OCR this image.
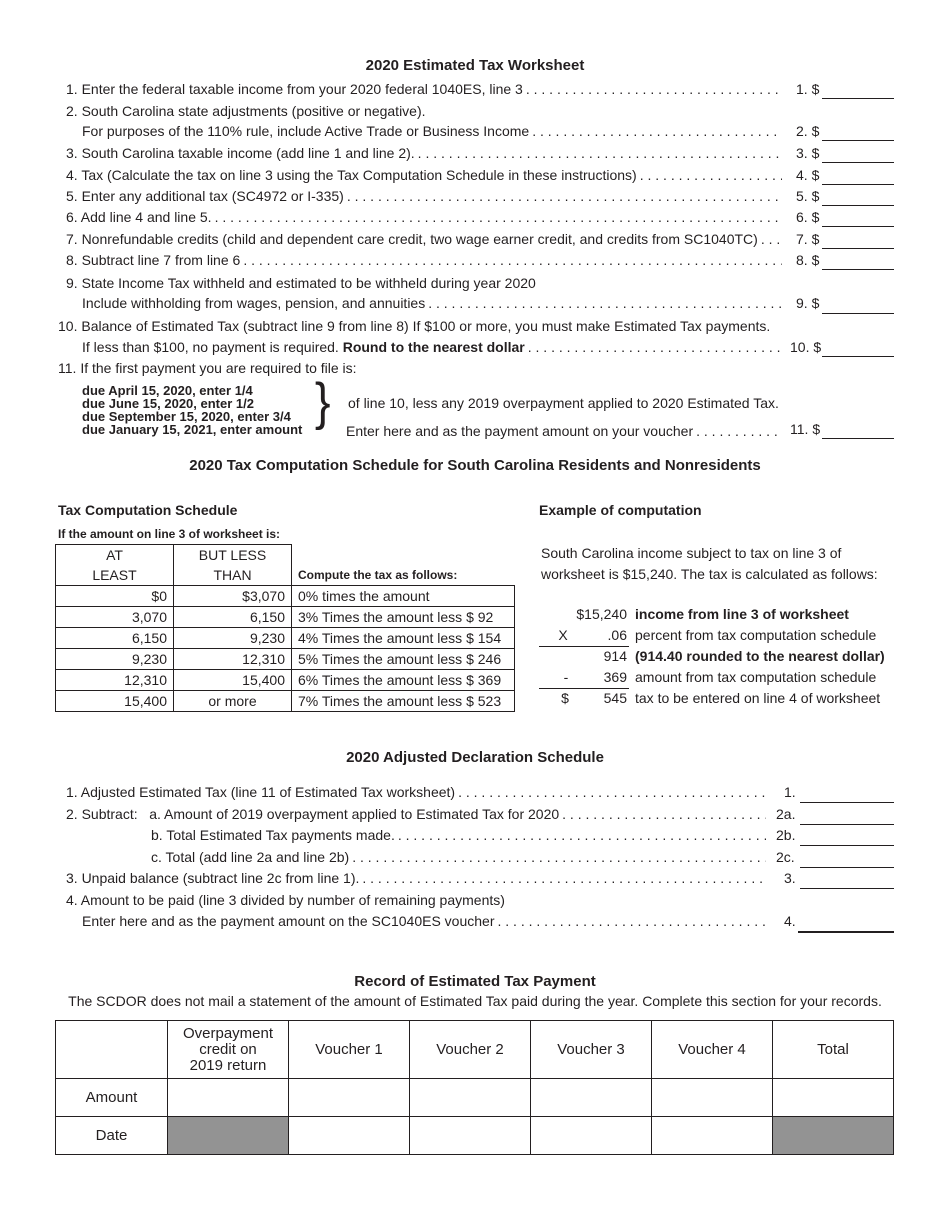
2020 Estimated Tax Worksheet
1. Enter the federal taxable income from your 2020 federal 1040ES, line 3 . . .	1. $
2. South Carolina state adjustments (positive or negative).
For purposes of the 110% rule, include Active Trade or Business Income . . .	2. $
3. South Carolina taxable income (add line 1 and line 2). . . .	3. $
4. Tax (Calculate the tax on line 3 using the Tax Computation Schedule in these instructions) . . .	4. $
5. Enter any additional tax (SC4972 or I-335) . . .	5. $
6. Add line 4 and line 5. . . .	6. $
7. Nonrefundable credits (child and dependent care credit, two wage earner credit, and credits from SC1040TC) . . .	7. $
8. Subtract line 7 from line 6 . . .	8. $
9. State Income Tax withheld and estimated to be withheld during year 2020
Include withholding from wages, pension, and annuities . . .	9. $
10. Balance of Estimated Tax (subtract line 9 from line 8) If $100 or more, you must make Estimated Tax payments.
If less than $100, no payment is required. Round to the nearest dollar . . .	10. $
11. If the first payment you are required to file is:
due April 15, 2020, enter 1/4
due June 15, 2020, enter 1/2
due September 15, 2020, enter 3/4
due January 15, 2021, enter amount } of line 10, less any 2019 overpayment applied to 2020 Estimated Tax.
Enter here and as the payment amount on your voucher . . .	11. $
2020 Tax Computation Schedule for South Carolina Residents and Nonresidents
Tax Computation Schedule
If the amount on line 3 of worksheet is:
AT	BUT LESS	
LEAST	THAN	Compute the tax as follows:
$0	$3,070	0% times the amount
3,070	6,150	3% Times the amount less $ 92
6,150	9,230	4% Times the amount less $ 154
9,230	12,310	5% Times the amount less $ 246
12,310	15,400	6% Times the amount less $ 369
15,400	or more	7% Times the amount less $ 523
Example of computation
South Carolina income subject to tax on line 3 of
worksheet is $15,240. The tax is calculated as follows:
$15,240 income from line 3 of worksheet
X	.06 percent from tax computation schedule
914 (914.40 rounded to the nearest dollar)
-	369 amount from tax computation schedule
$	545 tax to be entered on line 4 of worksheet
2020 Adjusted Declaration Schedule
1. Adjusted Estimated Tax (line 11 of Estimated Tax worksheet) . . .	1.
2. Subtract:   a. Amount of 2019 overpayment applied to Estimated Tax for 2020 . . .	2a.
b. Total Estimated Tax payments made. . . .	2b.
c. Total (add line 2a and line 2b) . . .	2c.
3. Unpaid balance (subtract line 2c from line 1). . . .	3.
4. Amount to be paid (line 3 divided by number of remaining payments)
Enter here and as the payment amount on the SC1040ES voucher . . .	4.
Record of Estimated Tax Payment
The SCDOR does not mail a statement of the amount of Estimated Tax paid during the year. Complete this section for your records.

	Overpayment
credit on
2019 return	Voucher 1	Voucher 2	Voucher 3	Voucher 4	Total
Amount						
Date						
